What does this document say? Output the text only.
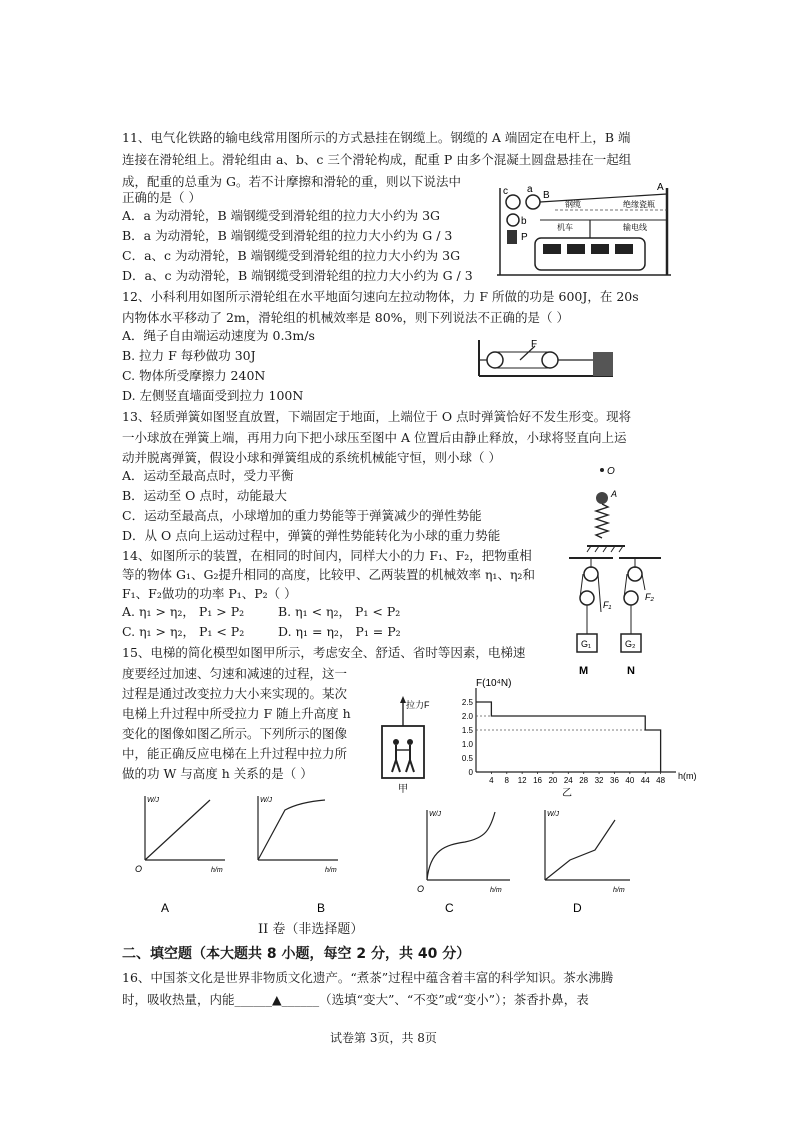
11、电气化铁路的输电线常用图所示的方式悬挂在钢缆上。钢缆的 A 端固定在电杆上，B 端
连接在滑轮组上。滑轮组由 a、b、c 三个滑轮构成，配重 P 由多个混凝土圆盘悬挂在一起组
成，配重的总重为 G。若不计摩擦和滑轮的重，则以下说法中
正确的是（ ）
A．a 为动滑轮，B 端钢缆受到滑轮组的拉力大小约为 3G
B．a 为动滑轮，B 端钢缆受到滑轮组的拉力大小约为 G / 3
C．a、c 为动滑轮，B 端钢缆受到滑轮组的拉力大小约为 3G
D．a、c 为动滑轮，B 端钢缆受到滑轮组的拉力大小约为 G / 3
c a
B
b
P
A
钢缆	绝缘瓷瓶
机车	输电线
12、小科利用如图所示滑轮组在水平地面匀速向左拉动物体，力 F 所做的功是 600J，在 20s
内物体水平移动了 2m，滑轮组的机械效率是 80%，则下列说法不正确的是（ ）
A．绳子自由端运动速度为 0.3m/s
B. 拉力 F 每秒做功 30J
C. 物体所受摩擦力 240N
D. 左侧竖直墙面受到拉力 100N
F
13、轻质弹簧如图竖直放置，下端固定于地面，上端位于 O 点时弹簧恰好不发生形变。现将
一小球放在弹簧上端，再用力向下把小球压至图中 A 位置后由静止释放，小球将竖直向上运
动并脱离弹簧，假设小球和弹簧组成的系统机械能守恒，则小球（ ）
A．运动至最高点时，受力平衡
B．运动至 O 点时，动能最大
C．运动至最高点，小球增加的重力势能等于弹簧减少的弹性势能
D．从 O 点向上运动过程中，弹簧的弹性势能转化为小球的重力势能
O
A
14、如图所示的装置，在相同的时间内，同样大小的力 F₁、F₂，把物重相
等的物体 G₁、G₂提升相同的高度，比较甲、乙两装置的机械效率 η₁、η₂和
F₁、F₂做功的功率 P₁、P₂（ ）
A. η₁ > η₂， P₁ > P₂	B. η₁ < η₂， P₁ < P₂
C. η₁ > η₂， P₁ < P₂	D. η₁ = η₂， P₁ = P₂
G₁
F₁
G₂
F₂
M	N
15、电梯的简化模型如图甲所示，考虑安全、舒适、省时等因素，电梯速
度要经过加速、匀速和减速的过程，这一
过程是通过改变拉力大小来实现的。某次
电梯上升过程中所受拉力 F 随上升高度 h
变化的图像如图乙所示。下列所示的图像
中，能正确反应电梯在上升过程中拉力所
做的功 W 与高度 h 关系的是（ ）
拉力F
甲
0
0.5
1.0
1.5
2.0
2.5
4 8 12 16 20 24 28 32 36 40 44 48
F(10⁴N)
h(m)
乙
W/J
h/m
O
A
W/J
h/m
B
W/J
h/m
O
C
W/J
h/m
D
II 卷（非选择题）
二、填空题（本大题共 8 小题，每空 2 分，共 40 分）
16、中国茶文化是世界非物质文化遗产。“煮茶”过程中蕴含着丰富的科学知识。茶水沸腾
时，吸收热量，内能______▲______（选填“变大”、“不变”或“变小”）；茶香扑鼻，表
试卷第 3页，共 8页
